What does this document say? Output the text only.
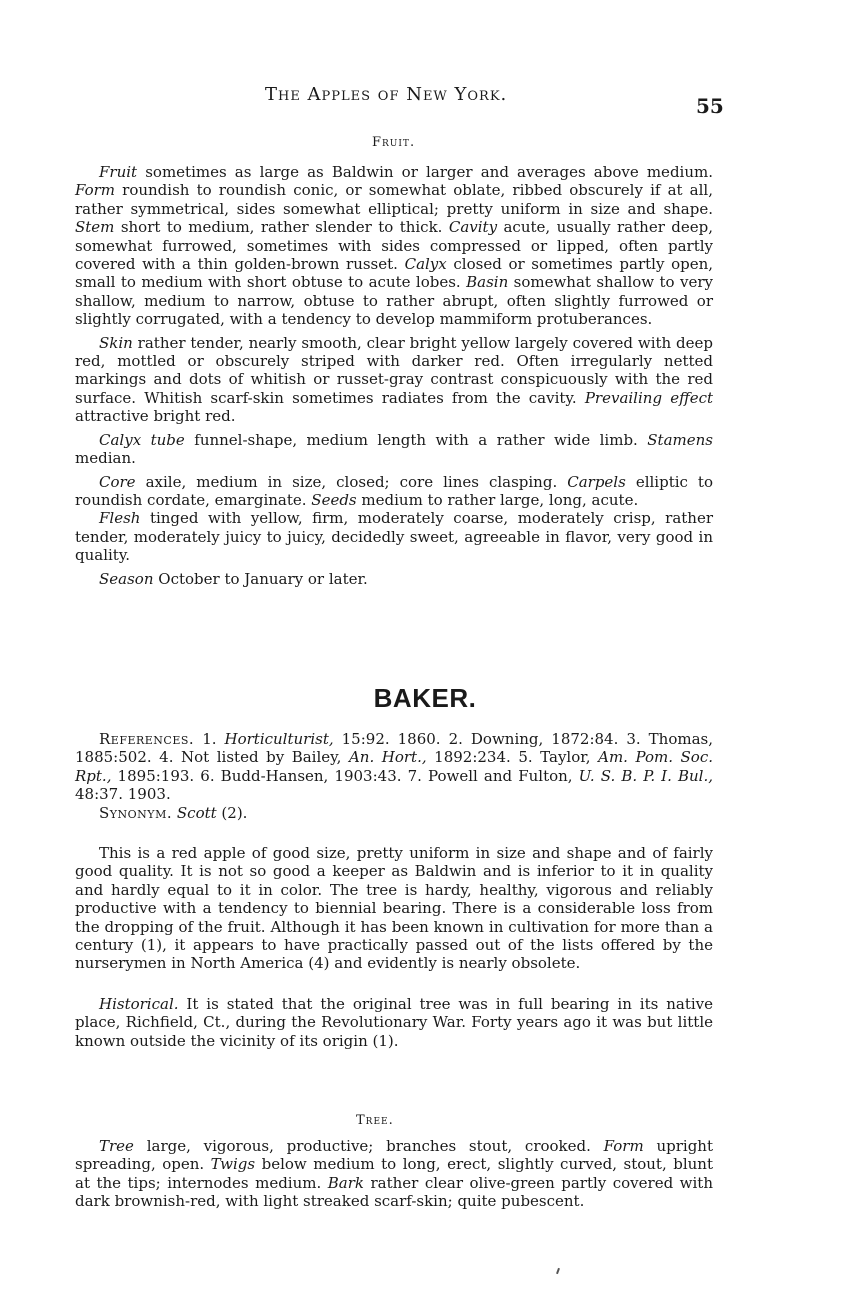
The Apples of New York.	55
Fruit.

Fruit sometimes as large as Baldwin or larger and averages above medium. Form roundish to roundish conic, or somewhat oblate, ribbed obscurely if at all, rather symmetrical, sides somewhat elliptical; pretty uniform in size and shape. Stem short to medium, rather slender to thick. Cavity acute, usually rather deep, somewhat furrowed, sometimes with sides compressed or lipped, often partly covered with a thin golden-brown russet. Calyx closed or sometimes partly open, small to medium with short obtuse to acute lobes. Basin somewhat shallow to very shallow, medium to narrow, obtuse to rather abrupt, often slightly furrowed or slightly corrugated, with a tendency to develop mammiform protuberances.

Skin rather tender, nearly smooth, clear bright yellow largely covered with deep red, mottled or obscurely striped with darker red. Often irregularly netted markings and dots of whitish or russet-gray contrast conspicuously with the red surface. Whitish scarf-skin sometimes radiates from the cavity. Prevailing effect attractive bright red.

Calyx tube funnel-shape, medium length with a rather wide limb. Stamens median.

Core axile, medium in size, closed; core lines clasping. Carpels elliptic to roundish cordate, emarginate. Seeds medium to rather large, long, acute.

Flesh tinged with yellow, firm, moderately coarse, moderately crisp, rather tender, moderately juicy to juicy, decidedly sweet, agreeable in flavor, very good in quality.

Season October to January or later.

BAKER.

References. 1. Horticulturist, 15:92. 1860. 2. Downing, 1872:84. 3. Thomas, 1885:502. 4. Not listed by Bailey, An. Hort., 1892:234. 5. Taylor, Am. Pom. Soc. Rpt., 1895:193. 6. Budd-Hansen, 1903:43. 7. Powell and Fulton, U. S. B. P. I. Bul., 48:37. 1903.

Synonym. Scott (2).

This is a red apple of good size, pretty uniform in size and shape and of fairly good quality. It is not so good a keeper as Baldwin and is inferior to it in quality and hardly equal to it in color. The tree is hardy, healthy, vigorous and reliably productive with a tendency to biennial bearing. There is a considerable loss from the dropping of the fruit. Although it has been known in cultivation for more than a century (1), it appears to have practically passed out of the lists offered by the nurserymen in North America (4) and evidently is nearly obsolete.

Historical. It is stated that the original tree was in full bearing in its native place, Richfield, Ct., during the Revolutionary War. Forty years ago it was but little known outside the vicinity of its origin (1).

Tree.

Tree large, vigorous, productive; branches stout, crooked. Form upright spreading, open. Twigs below medium to long, erect, slightly curved, stout, blunt at the tips; internodes medium. Bark rather clear olive-green partly covered with dark brownish-red, with light streaked scarf-skin; quite pubescent.
